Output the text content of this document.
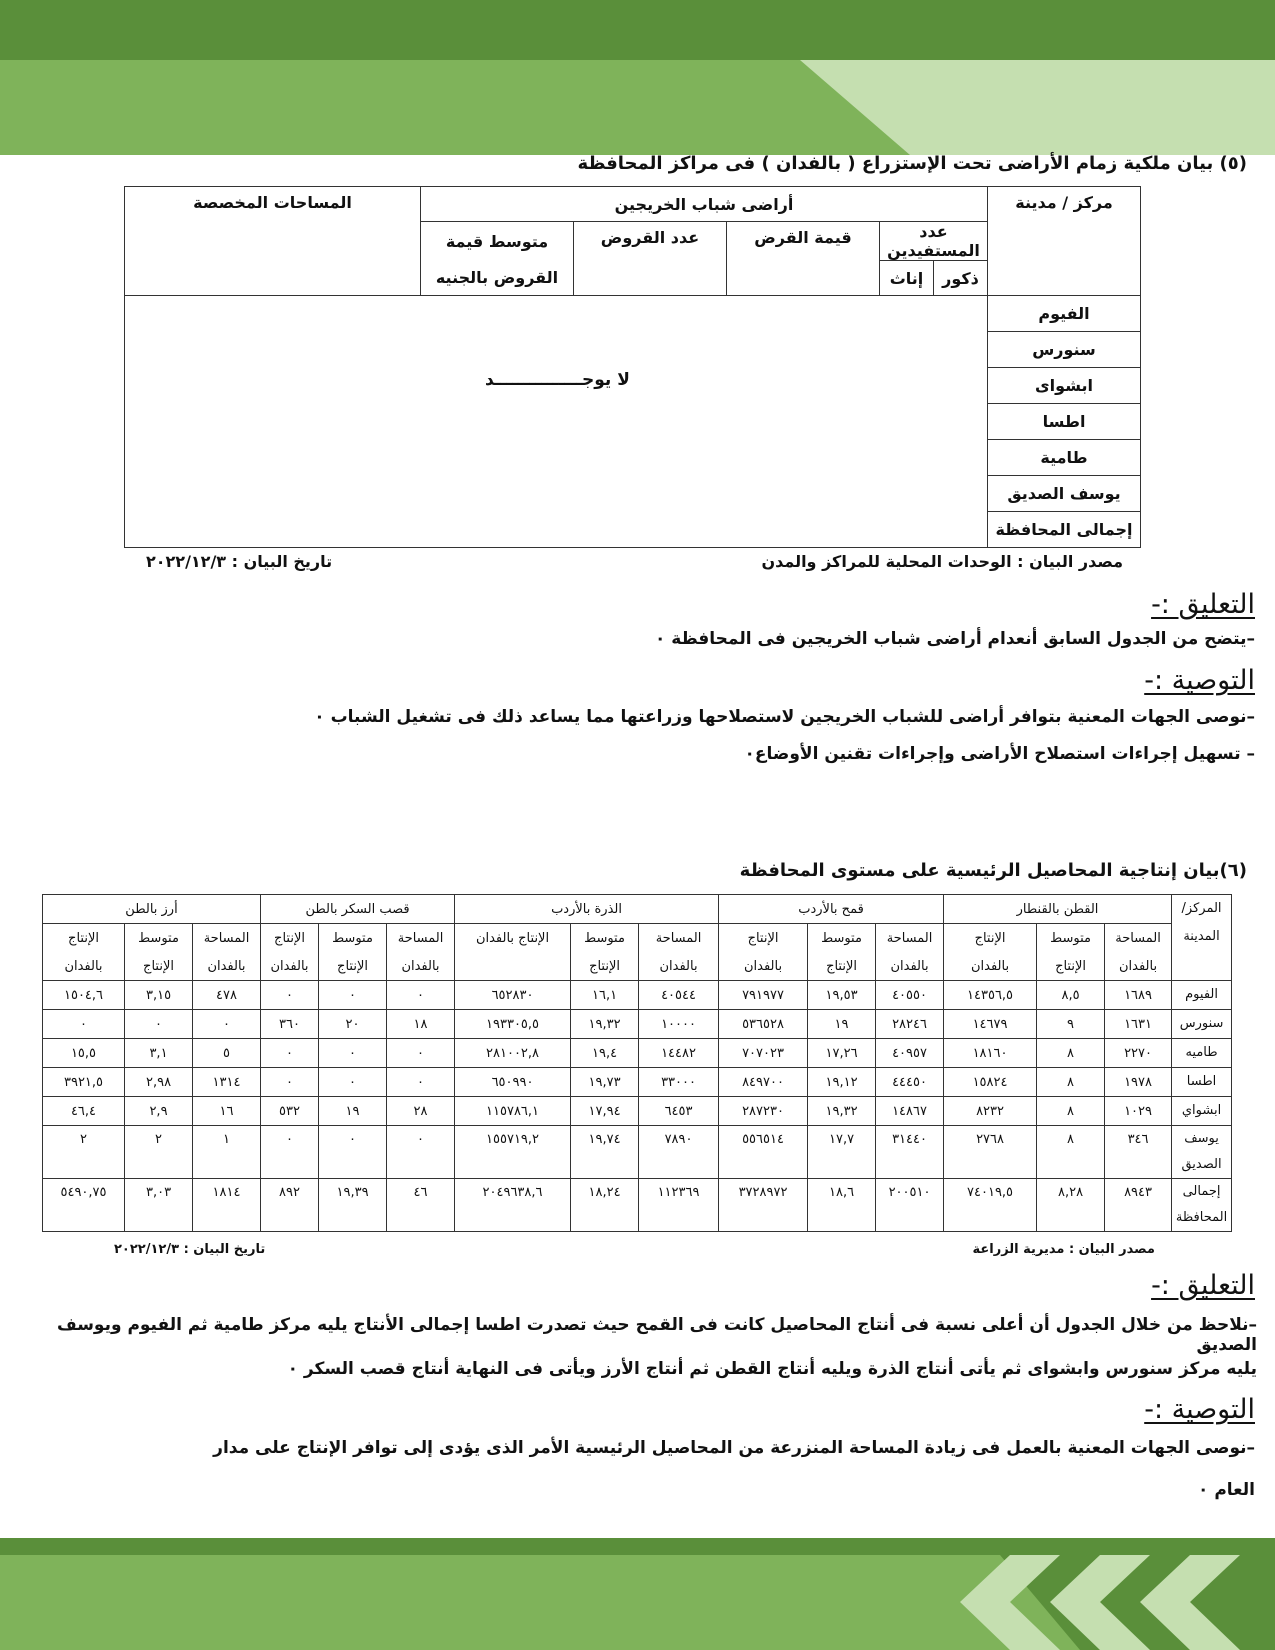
(٥) بيان ملكية زمام الأراضى تحت الإستزراع ( بالفدان ) فى مراكز المحافظة
مركز / مدينة	أراضى شباب الخريجين					المساحات المخصصة
	عدد المستفيدين		قيمة القرض	عدد القروض	متوسط قيمة	
	ذكور	إناث			القروض بالجنيه	
الفيوم	لا يوجـــــــــــــــد					

سنورس						
ابشواى						
اطسا						
طامية						
يوسف الصديق						
إجمالى المحافظة						
مصدر البيان : الوحدات المحلية للمراكز والمدن
تاريخ البيان : ٢٠٢٢/١٢/٣
التعليق :-
–يتضح من الجدول السابق أنعدام أراضى شباب الخريجين فى المحافظة ٠
التوصية :-
–نوصى الجهات المعنية بتوافر أراضى للشباب الخريجين لاستصلاحها وزراعتها مما يساعد ذلك فى تشغيل الشباب ٠
– تسهيل إجراءات استصلاح الأراضى وإجراءات تقنين الأوضاع٠
(٦)بيان إنتاجية المحاصيل الرئيسية على مستوى المحافظة
المركز/
المدينة	القطن بالقنطار			قمح بالأردب			الذرة بالأردب			قصب السكر بالطن			أرز بالطن		
	المساحة	متوسط	الإنتاج	المساحة	متوسط	الإنتاج	المساحة	متوسط	الإنتاج بالفدان	المساحة	متوسط	الإنتاج	المساحة	متوسط	الإنتاج
	بالفدان	الإنتاج	بالفدان	بالفدان	الإنتاج	بالفدان	بالفدان	الإنتاج		بالفدان	الإنتاج	بالفدان	بالفدان	الإنتاج	بالفدان

الفيوم	١٦٨٩	٨,٥	١٤٣٥٦,٥	٤٠٥٥٠	١٩,٥٣	٧٩١٩٧٧	٤٠٥٤٤	١٦,١	٦٥٢٨٣٠	٠	٠	٠	٤٧٨	٣,١٥	١٥٠٤,٦

سنورس	١٦٣١	٩	١٤٦٧٩	٢٨٢٤٦	١٩	٥٣٦٥٢٨	١٠٠٠٠	١٩,٣٢	١٩٣٣٠٥,٥	١٨	٢٠	٣٦٠	٠	٠	٠

طاميه	٢٢٧٠	٨	١٨١٦٠	٤٠٩٥٧	١٧,٢٦	٧٠٧٠٢٣	١٤٤٨٢	١٩,٤	٢٨١٠٠٢,٨	٠	٠	٠	٥	٣,١	١٥,٥

اطسا	١٩٧٨	٨	١٥٨٢٤	٤٤٤٥٠	١٩,١٢	٨٤٩٧٠٠	٣٣٠٠٠	١٩,٧٣	٦٥٠٩٩٠	٠	٠	٠	١٣١٤	٢,٩٨	٣٩٢١,٥

ابشواي	١٠٢٩	٨	٨٢٣٢	١٤٨٦٧	١٩,٣٢	٢٨٧٢٣٠	٦٤٥٣	١٧,٩٤	١١٥٧٨٦,١	٢٨	١٩	٥٣٢	١٦	٢,٩	٤٦,٤

يوسف
الصديق	٣٤٦	٨	٢٧٦٨	٣١٤٤٠	١٧,٧	٥٥٦٥١٤	٧٨٩٠	١٩,٧٤	١٥٥٧١٩,٢	٠	٠	٠	١	٢	٢

إجمالى
المحافظة	٨٩٤٣	٨,٢٨	٧٤٠١٩,٥	٢٠٠٥١٠	١٨,٦	٣٧٢٨٩٧٢	١١٢٣٦٩	١٨,٢٤	٢٠٤٩٦٣٨,٦	٤٦	١٩,٣٩	٨٩٢	١٨١٤	٣,٠٣	٥٤٩٠,٧٥
مصدر البيان : مديرية الزراعة
تاريخ البيان : ٢٠٢٢/١٢/٣
التعليق :-
–نلاحظ من خلال الجدول أن أعلى نسبة فى أنتاج المحاصيل كانت فى القمح حيث تصدرت اطسا إجمالى الأنتاج يليه مركز طامية ثم الفيوم ويوسف الصديق
يليه مركز سنورس وابشواى ثم يأتى أنتاج الذرة ويليه أنتاج القطن ثم أنتاج الأرز ويأتى فى النهاية أنتاج قصب السكر ٠
التوصية :-
–نوصى الجهات المعنية بالعمل فى زيادة المساحة المنزرعة من المحاصيل الرئيسية الأمر الذى يؤدى إلى توافر الإنتاج على مدار
العام ٠
